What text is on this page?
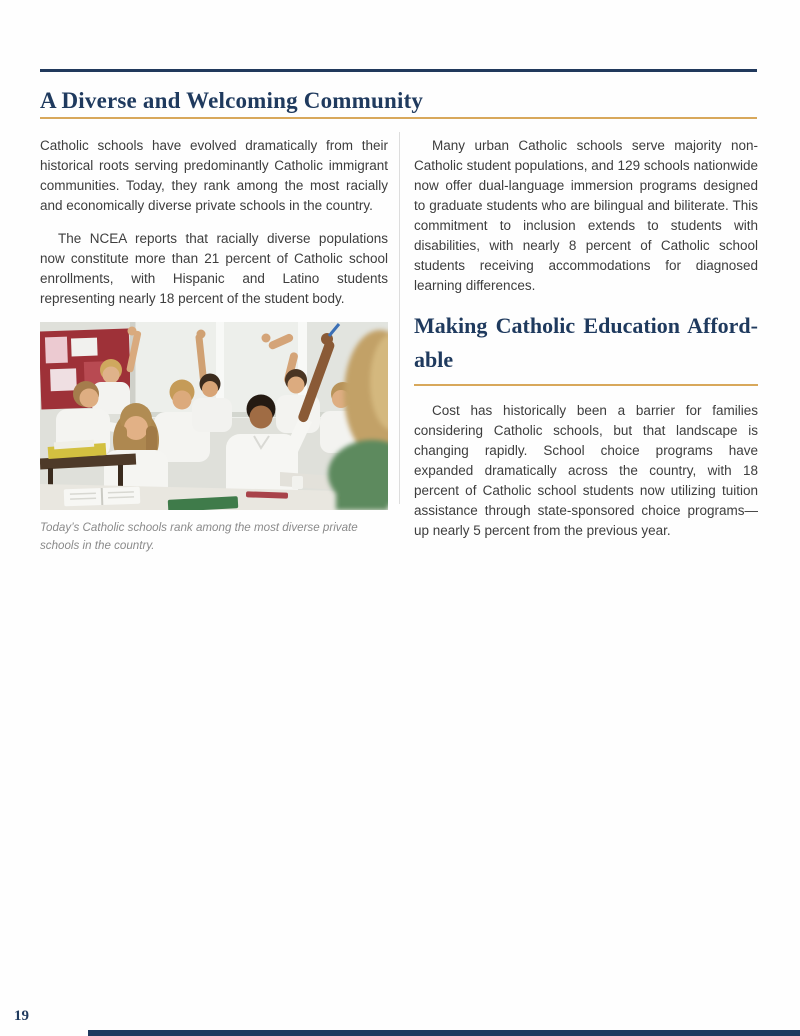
A Diverse and Welcoming Community

Catholic schools have evolved dramatically from their historical roots serving predominantly Catholic immigrant communities. Today, they rank among the most racially and economically diverse private schools in the country.

The NCEA reports that racially diverse populations now constitute more than 21 percent of Catholic school enrollments, with Hispanic and Latino students representing nearly 18 percent of the student body.

Today’s Catholic schools rank among the most diverse private schools in the country.

Many urban Catholic schools serve majority non-Catholic student populations, and 129 schools nationwide now offer dual-language immersion programs designed to graduate students who are bilingual and biliterate. This commitment to inclusion extends to students with disabilities, with nearly 8 percent of Catholic school students receiving accommodations for diagnosed learning differences.

Making Catholic Education Afford-
able

Cost has historically been a barrier for families considering Catholic schools, but that landscape is changing rapidly. School choice programs have expanded dramatically across the country, with 18 percent of Catholic school students now utilizing tuition assistance through state-sponsored choice programs—up nearly 5 percent from the previous year.

19
